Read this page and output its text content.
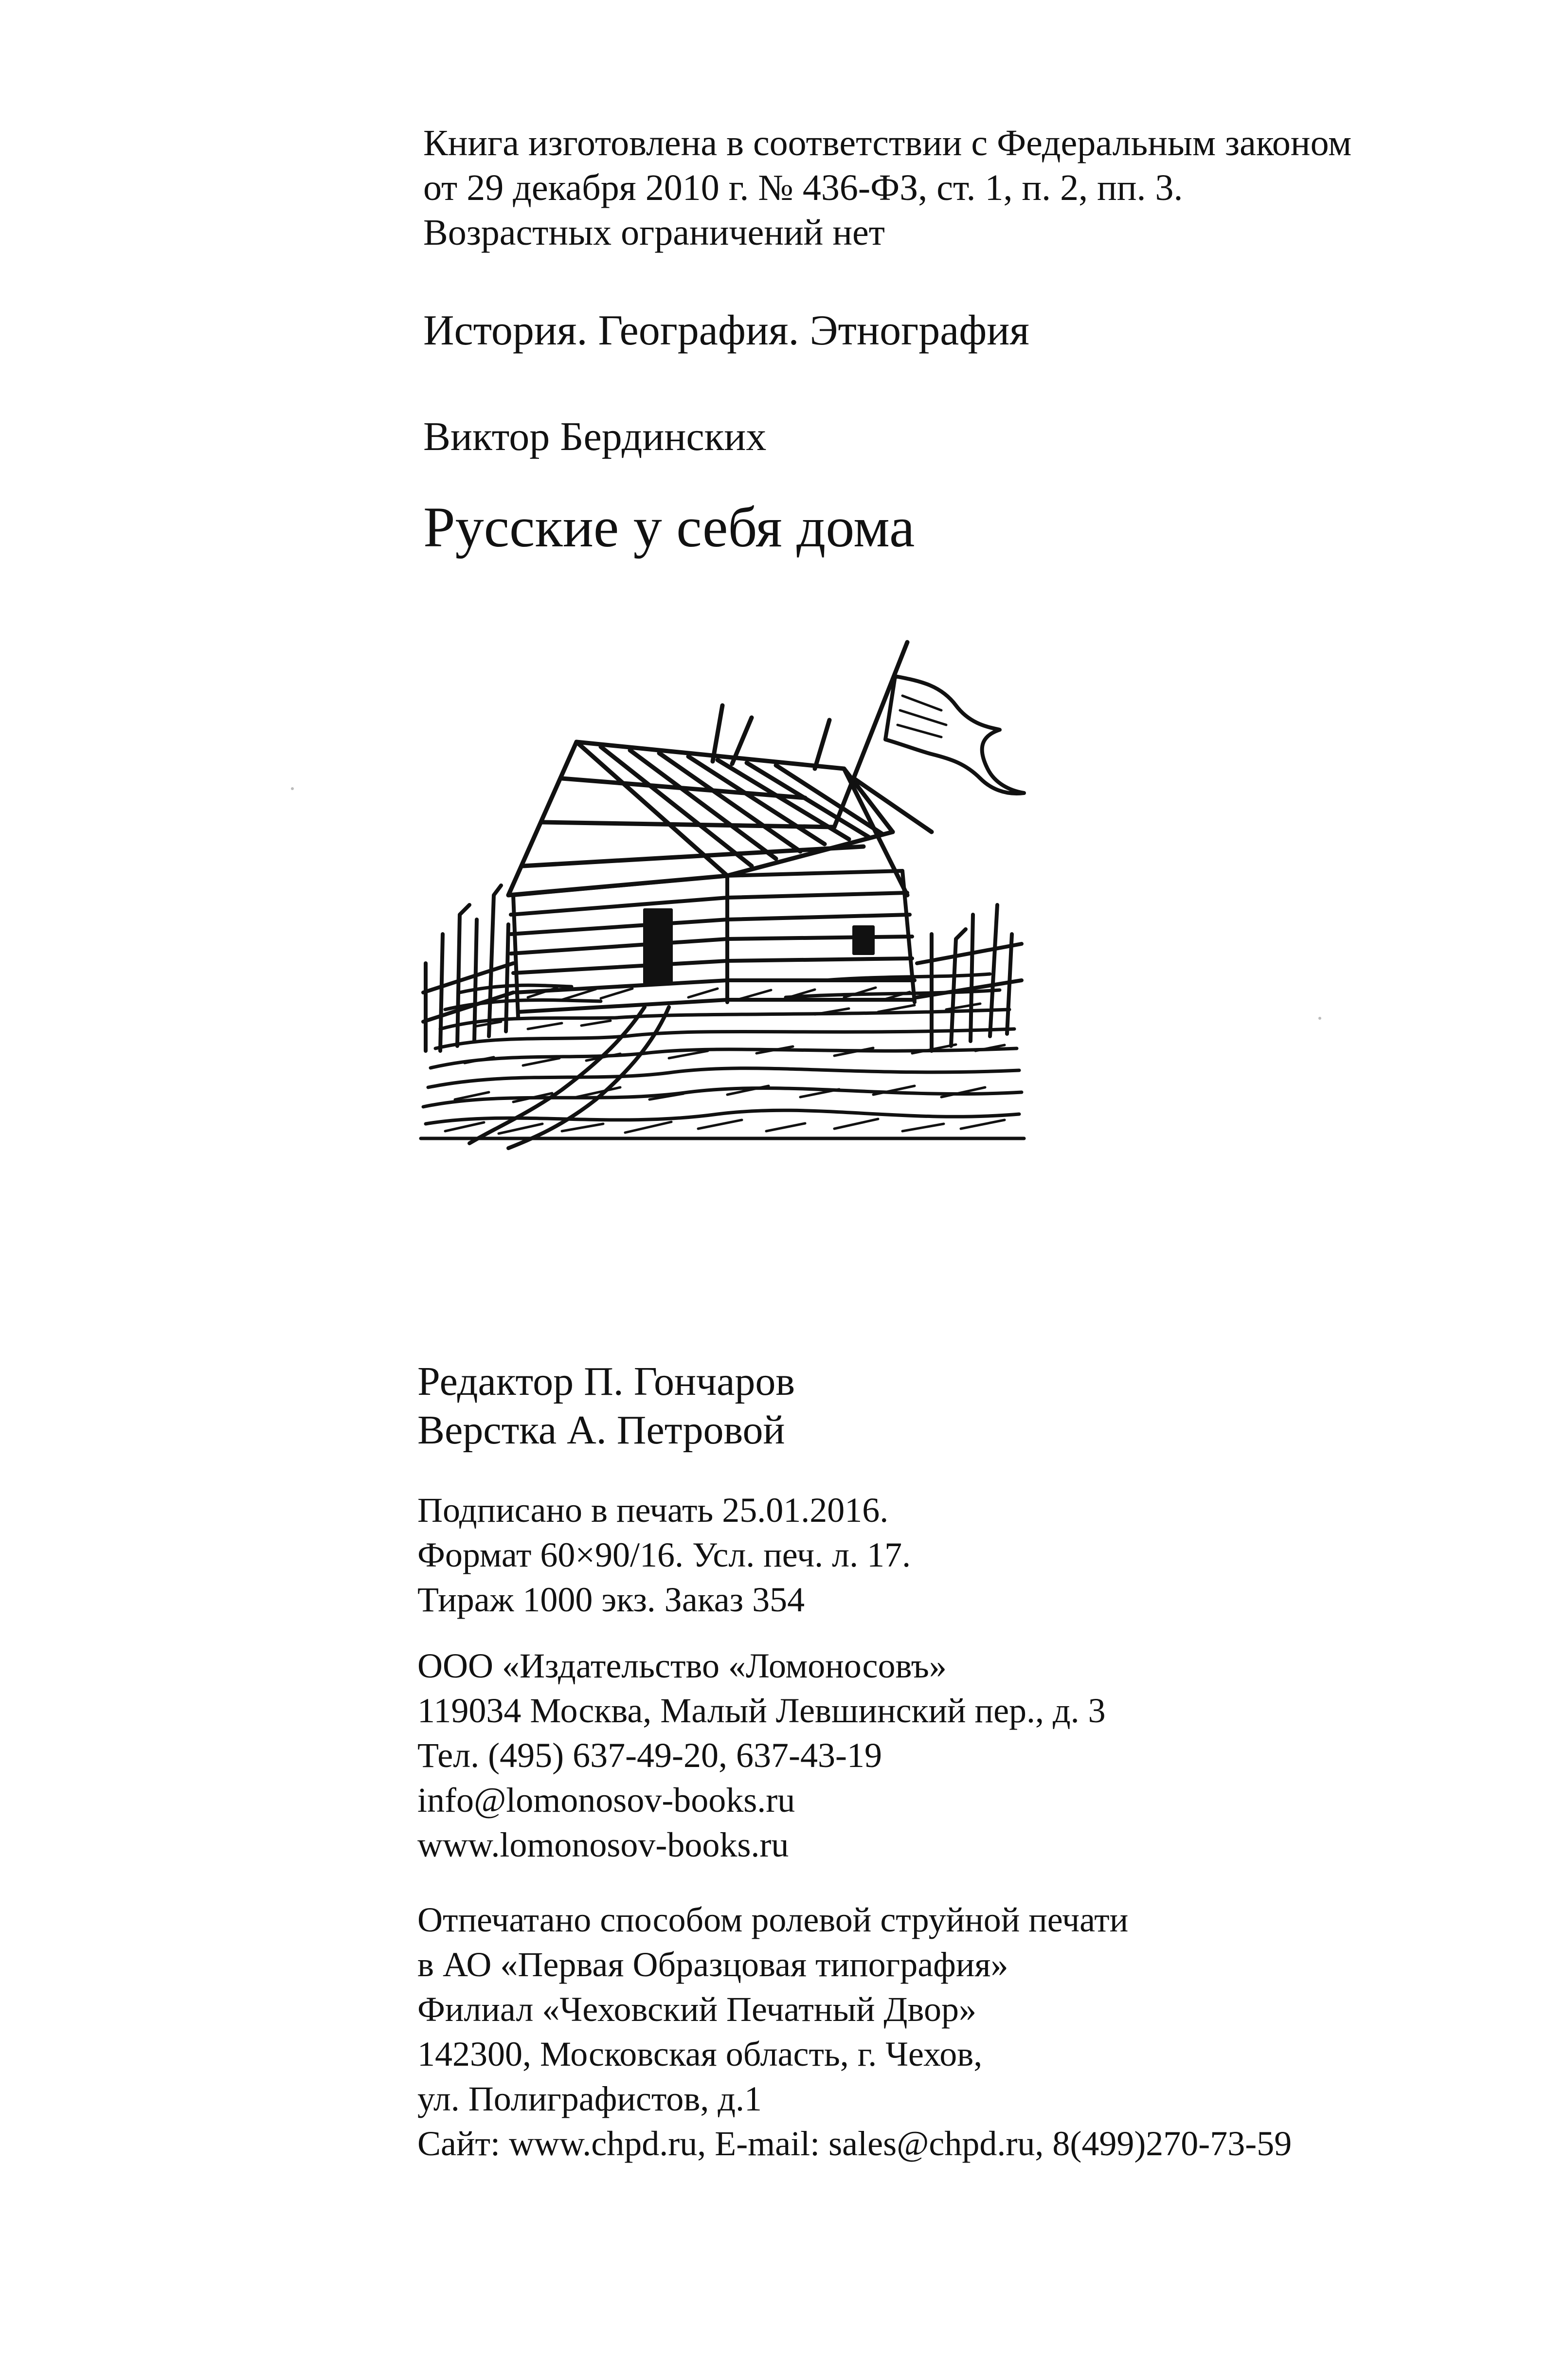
Книга изготовлена в соответствии с Федеральным законом
от 29 декабря 2010 г. № 436-ФЗ, ст. 1, п. 2, пп. 3.
Возрастных ограничений нет
История. География. Этнография
Виктор Бердинских
Русские у себя дома
Редактор П. Гончаров
Верстка А. Петровой
Подписано в печать 25.01.2016.
Формат 60×90/16. Усл. печ. л. 17.
Тираж 1000 экз. Заказ 354
ООО «Издательство «Ломоносовъ»
119034 Москва, Малый Левшинский пер., д. 3
Тел. (495) 637-49-20, 637-43-19
info@lomonosov-books.ru
www.lomonosov-books.ru
Отпечатано способом ролевой струйной печати
в АО «Первая Образцовая типография»
Филиал «Чеховский Печатный Двор»
142300, Московская область, г. Чехов,
ул. Полиграфистов, д.1
Сайт: www.chpd.ru, E-mail: sales@chpd.ru, 8(499)270-73-59
